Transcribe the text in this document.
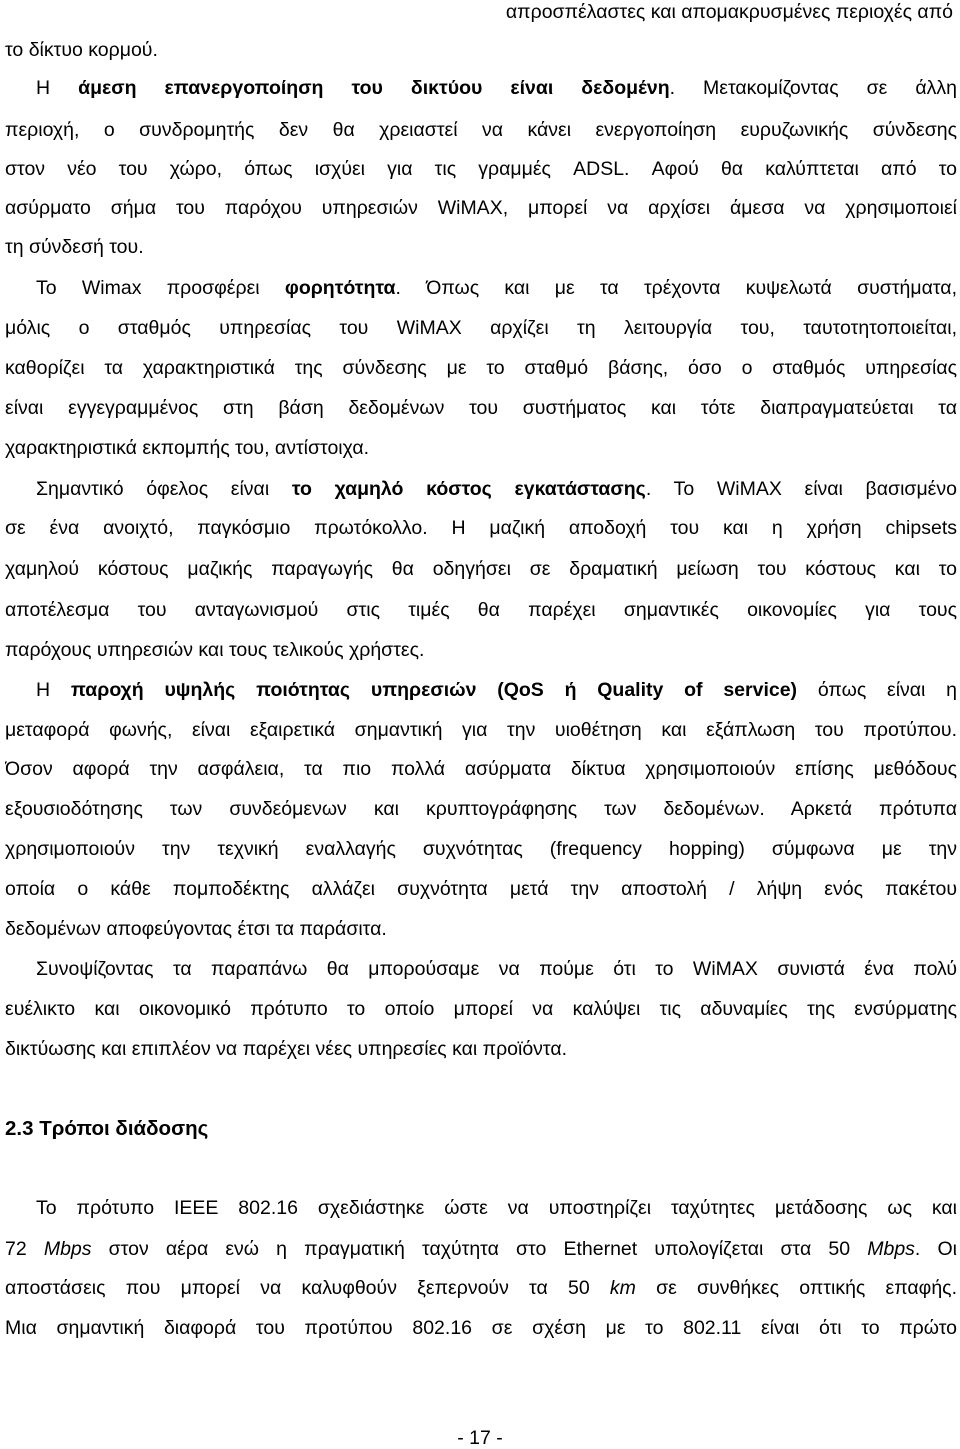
απροσπέλαστες και απομακρυσμένες περιοχές από
το δίκτυο κορμού.
Η άμεση επανεργοποίηση του δικτύου είναι δεδομένη. Μετακομίζοντας σε άλλη
περιοχή, ο συνδρομητής δεν θα χρειαστεί να κάνει ενεργοποίηση ευρυζωνικής σύνδεσης
στον νέο του χώρο, όπως ισχύει για τις γραμμές ADSL. Αφού θα καλύπτεται από το
ασύρματο σήμα του παρόχου υπηρεσιών WiMAX, μπορεί να αρχίσει άμεσα να χρησιμοποιεί
τη σύνδεσή του.
Το Wimax προσφέρει φορητότητα. Όπως και με τα τρέχοντα κυψελωτά συστήματα,
μόλις ο σταθμός υπηρεσίας του WiMAX αρχίζει τη λειτουργία του, ταυτοτητοποιείται,
καθορίζει τα χαρακτηριστικά της σύνδεσης με το σταθμό βάσης, όσο ο σταθμός υπηρεσίας
είναι εγγεγραμμένος στη βάση δεδομένων του συστήματος και τότε διαπραγματεύεται τα
χαρακτηριστικά εκπομπής του, αντίστοιχα.
Σημαντικό όφελος είναι το χαμηλό κόστος εγκατάστασης. Το WiMAX είναι βασισμένο
σε ένα ανοιχτό, παγκόσμιο πρωτόκολλο. Η μαζική αποδοχή του και η χρήση chipsets
χαμηλού κόστους μαζικής παραγωγής θα οδηγήσει σε δραματική μείωση του κόστους και το
αποτέλεσμα του ανταγωνισμού στις τιμές θα παρέχει σημαντικές οικονομίες για τους
παρόχους υπηρεσιών και τους τελικούς χρήστες.
Η παροχή υψηλής ποιότητας υπηρεσιών (QoS ή Quality of service) όπως είναι η
μεταφορά φωνής, είναι εξαιρετικά σημαντική για την υιοθέτηση και εξάπλωση του προτύπου.
Όσον αφορά την ασφάλεια, τα πιο πολλά ασύρματα δίκτυα χρησιμοποιούν επίσης μεθόδους
εξουσιοδότησης των συνδεόμενων και κρυπτογράφησης των δεδομένων. Αρκετά πρότυπα
χρησιμοποιούν την τεχνική εναλλαγής συχνότητας (frequency hopping) σύμφωνα με την
οποία ο κάθε πομποδέκτης αλλάζει συχνότητα μετά την αποστολή / λήψη ενός πακέτου
δεδομένων αποφεύγοντας έτσι τα παράσιτα.
Συνοψίζοντας τα παραπάνω θα μπορούσαμε να πούμε ότι το WiMAX συνιστά ένα πολύ
ευέλικτο και οικονομικό πρότυπο το οποίο μπορεί να καλύψει τις αδυναμίες της ενσύρματης
δικτύωσης και επιπλέον να παρέχει νέες υπηρεσίες και προϊόντα.
2.3 Τρόποι διάδοσης
Το πρότυπο IEEE 802.16 σχεδιάστηκε ώστε να υποστηρίζει ταχύτητες μετάδοσης ως και
72 Mbps στον αέρα ενώ η πραγματική ταχύτητα στο Ethernet υπολογίζεται στα 50 Mbps. Οι
αποστάσεις που μπορεί να καλυφθούν ξεπερνούν τα 50 km σε συνθήκες οπτικής επαφής.
Μια σημαντική διαφορά του προτύπου 802.16 σε σχέση με το 802.11 είναι ότι το πρώτο
- 17 -
